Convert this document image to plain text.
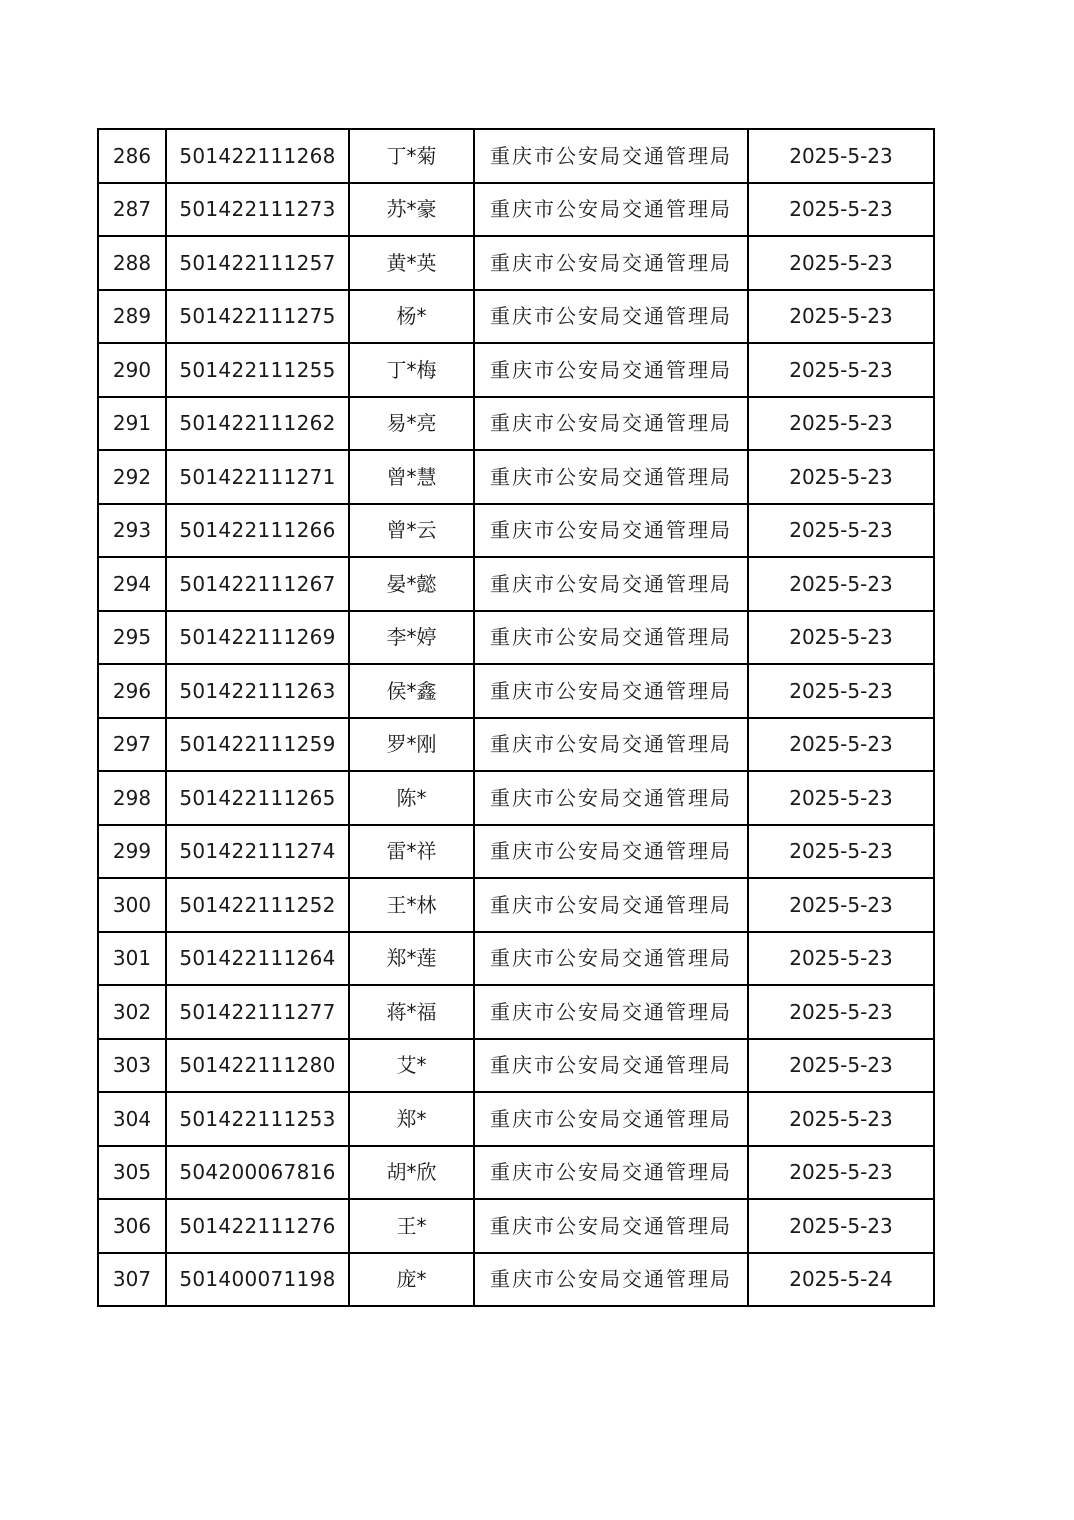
286	501422111268	丁*菊	重庆市公安局交通管理局	2025-5-23
287	501422111273	苏*豪	重庆市公安局交通管理局	2025-5-23
288	501422111257	黄*英	重庆市公安局交通管理局	2025-5-23
289	501422111275	杨*	重庆市公安局交通管理局	2025-5-23
290	501422111255	丁*梅	重庆市公安局交通管理局	2025-5-23
291	501422111262	易*亮	重庆市公安局交通管理局	2025-5-23
292	501422111271	曾*慧	重庆市公安局交通管理局	2025-5-23
293	501422111266	曾*云	重庆市公安局交通管理局	2025-5-23
294	501422111267	晏*懿	重庆市公安局交通管理局	2025-5-23
295	501422111269	李*婷	重庆市公安局交通管理局	2025-5-23
296	501422111263	侯*鑫	重庆市公安局交通管理局	2025-5-23
297	501422111259	罗*刚	重庆市公安局交通管理局	2025-5-23
298	501422111265	陈*	重庆市公安局交通管理局	2025-5-23
299	501422111274	雷*祥	重庆市公安局交通管理局	2025-5-23
300	501422111252	王*林	重庆市公安局交通管理局	2025-5-23
301	501422111264	郑*莲	重庆市公安局交通管理局	2025-5-23
302	501422111277	蒋*福	重庆市公安局交通管理局	2025-5-23
303	501422111280	艾*	重庆市公安局交通管理局	2025-5-23
304	501422111253	郑*	重庆市公安局交通管理局	2025-5-23
305	504200067816	胡*欣	重庆市公安局交通管理局	2025-5-23
306	501422111276	王*	重庆市公安局交通管理局	2025-5-23
307	501400071198	庞*	重庆市公安局交通管理局	2025-5-24
